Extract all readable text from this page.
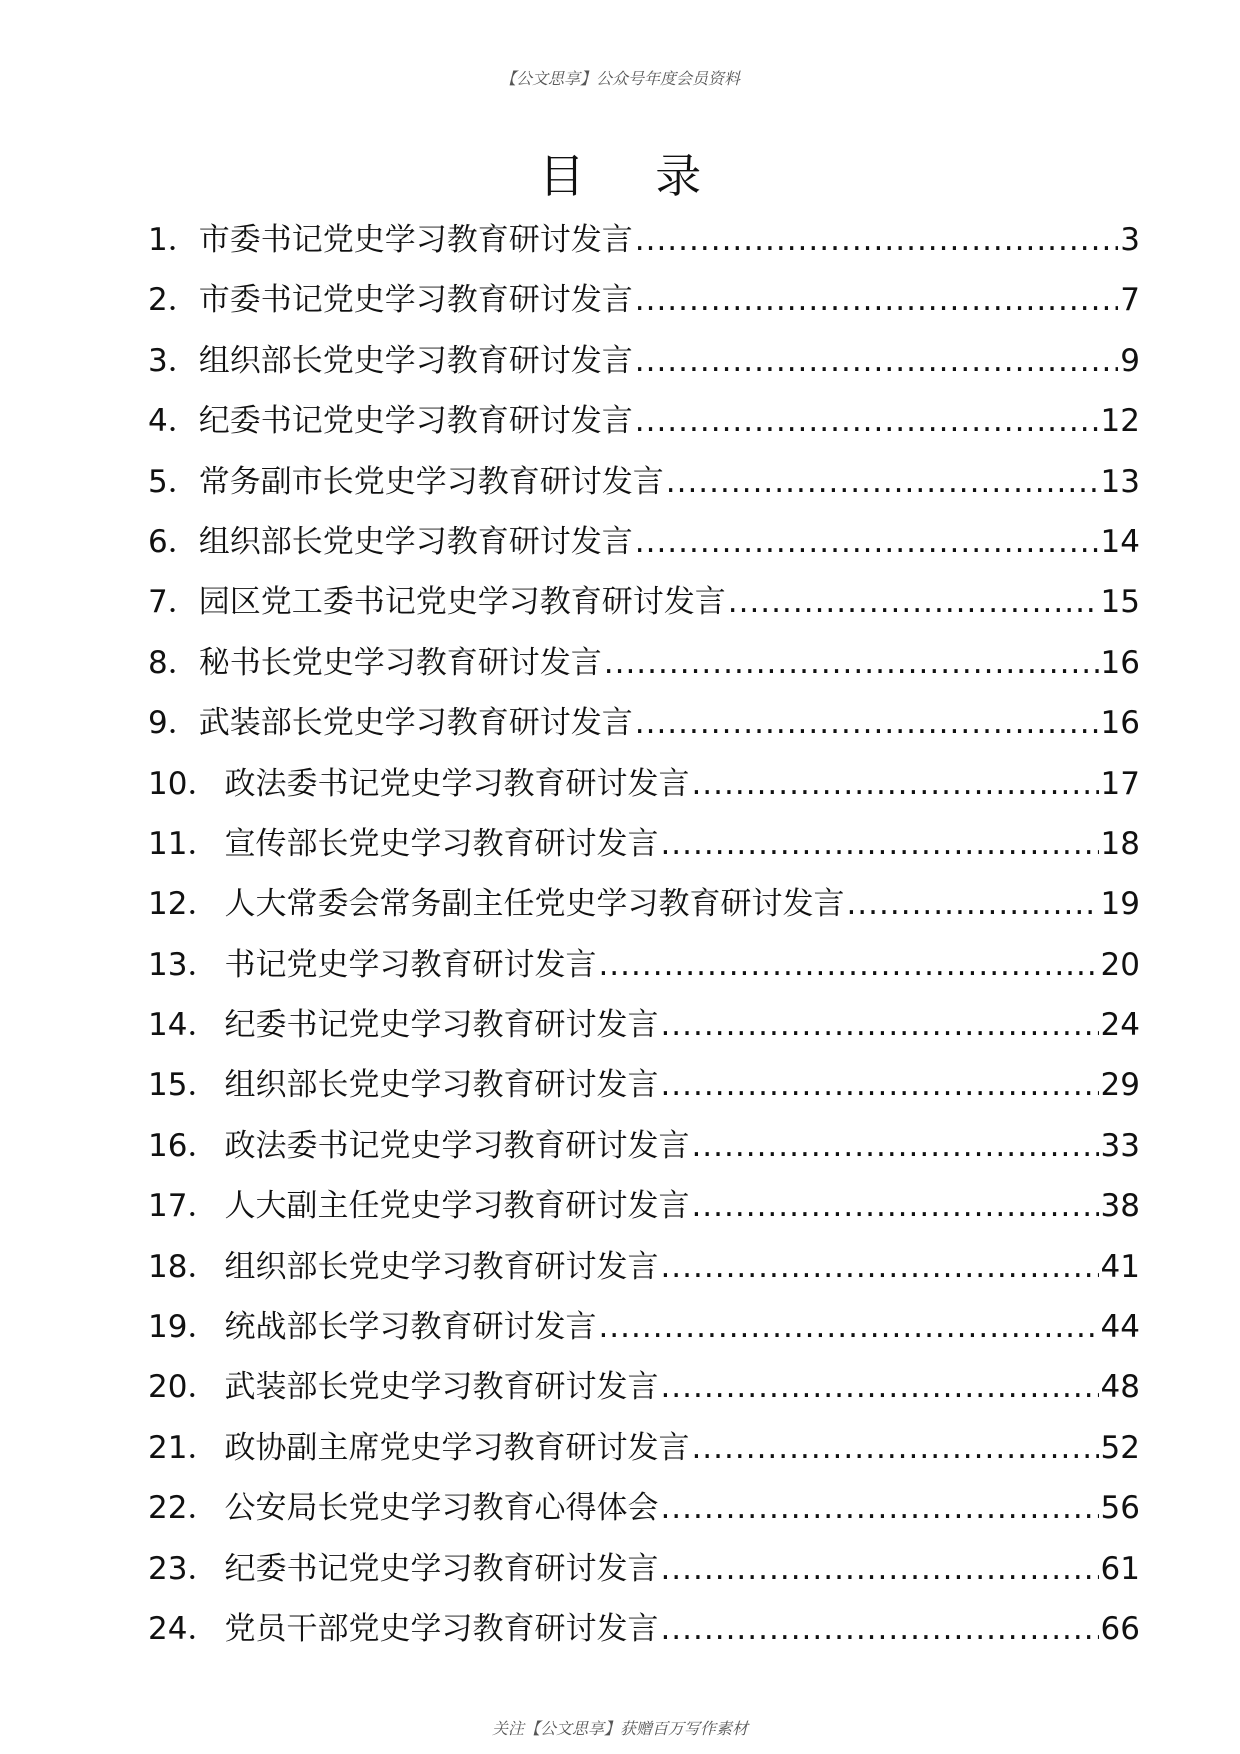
【公文思享】公众号年度会员资料
目 录
1． 市委书记党史学习教育研讨发言 .....	3
2． 市委书记党史学习教育研讨发言 .....	7
3． 组织部长党史学习教育研讨发言 .....	9
4． 纪委书记党史学习教育研讨发言 .....	12
5． 常务副市长党史学习教育研讨发言 .....	13
6． 组织部长党史学习教育研讨发言 .....	14
7． 园区党工委书记党史学习教育研讨发言 .....	15
8． 秘书长党史学习教育研讨发言 .....	16
9． 武装部长党史学习教育研讨发言 .....	16
10． 政法委书记党史学习教育研讨发言 .....	17
11． 宣传部长党史学习教育研讨发言 .....	18
12． 人大常委会常务副主任党史学习教育研讨发言 .....	19
13． 书记党史学习教育研讨发言 .....	20
14． 纪委书记党史学习教育研讨发言 .....	24
15． 组织部长党史学习教育研讨发言 .....	29
16． 政法委书记党史学习教育研讨发言 .....	33
17． 人大副主任党史学习教育研讨发言 .....	38
18． 组织部长党史学习教育研讨发言 .....	41
19． 统战部长学习教育研讨发言 .....	44
20． 武装部长党史学习教育研讨发言 .....	48
21． 政协副主席党史学习教育研讨发言 .....	52
22． 公安局长党史学习教育心得体会 .....	56
23． 纪委书记党史学习教育研讨发言 .....	61
24． 党员干部党史学习教育研讨发言 .....	66
关注【公文思享】获赠百万写作素材
